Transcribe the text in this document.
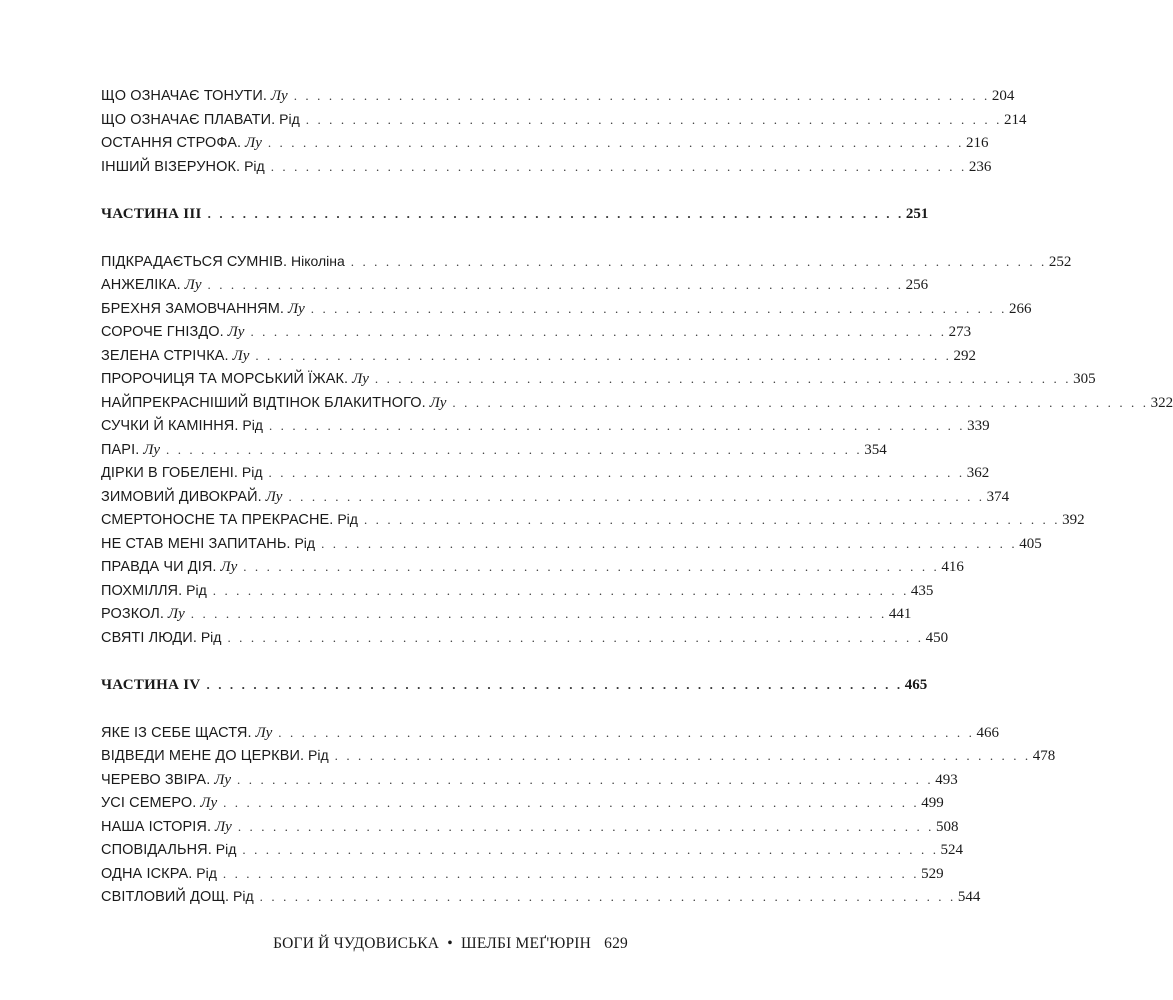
ЩО ОЗНАЧАЄ ТОНУТИ. Лу . . . . . . . . . . . . . . . . . . . . . . . . . . . . . . . . . . . . . . . . . . . . . . . . . . . . . . . . . . . . 204
ЩО ОЗНАЧАЄ ПЛАВАТИ. Рід . . . . . . . . . . . . . . . . . . . . . . . . . . . . . . . . . . . . . . . . . . . . . . . . . . . . . . . . . . . . 214
ОСТАННЯ СТРОФА. Лу . . . . . . . . . . . . . . . . . . . . . . . . . . . . . . . . . . . . . . . . . . . . . . . . . . . . . . . . . . . . 216
ІНШИЙ ВІЗЕРУНОК. Рід . . . . . . . . . . . . . . . . . . . . . . . . . . . . . . . . . . . . . . . . . . . . . . . . . . . . . . . . . . . . 236
ЧАСТИНА III . . . . . . . . . . . . . . . . . . . . . . . . . . . . . . . . . . . . . . . . . . . . . . . . . . . . . . . . . . . . 251
ПІДКРАДАЄТЬСЯ СУМНІВ. Ніколіна . . . . . . . . . . . . . . . . . . . . . . . . . . . . . . . . . . . . . . . . . . . . . . . . . . . . . . . . . . . . 252
АНЖЕЛІКА. Лу . . . . . . . . . . . . . . . . . . . . . . . . . . . . . . . . . . . . . . . . . . . . . . . . . . . . . . . . . . . . 256
БРЕХНЯ ЗАМОВЧАННЯМ. Лу . . . . . . . . . . . . . . . . . . . . . . . . . . . . . . . . . . . . . . . . . . . . . . . . . . . . . . . . . . . . 266
СОРОЧЕ ГНІЗДО. Лу . . . . . . . . . . . . . . . . . . . . . . . . . . . . . . . . . . . . . . . . . . . . . . . . . . . . . . . . . . . . 273
ЗЕЛЕНА СТРІЧКА. Лу . . . . . . . . . . . . . . . . . . . . . . . . . . . . . . . . . . . . . . . . . . . . . . . . . . . . . . . . . . . . 292
ПРОРОЧИЦЯ ТА МОРСЬКИЙ ЇЖАК. Лу . . . . . . . . . . . . . . . . . . . . . . . . . . . . . . . . . . . . . . . . . . . . . . . . . . . . . . . . . . . . 305
НАЙПРЕКРАСНІШИЙ ВІДТІНОК БЛАКИТНОГО. Лу . . . . . . . . . . . . . . . . . . . . . . . . . . . . . . . . . . . . . . . . . . . . . . . . . . . . . . . . . . . . 322
СУЧКИ Й КАМІННЯ. Рід . . . . . . . . . . . . . . . . . . . . . . . . . . . . . . . . . . . . . . . . . . . . . . . . . . . . . . . . . . . . 339
ПАРІ. Лу . . . . . . . . . . . . . . . . . . . . . . . . . . . . . . . . . . . . . . . . . . . . . . . . . . . . . . . . . . . . 354
ДІРКИ В ГОБЕЛЕНІ. Рід . . . . . . . . . . . . . . . . . . . . . . . . . . . . . . . . . . . . . . . . . . . . . . . . . . . . . . . . . . . . 362
ЗИМОВИЙ ДИВОКРАЙ. Лу . . . . . . . . . . . . . . . . . . . . . . . . . . . . . . . . . . . . . . . . . . . . . . . . . . . . . . . . . . . . 374
СМЕРТОНОСНЕ ТА ПРЕКРАСНЕ. Рід . . . . . . . . . . . . . . . . . . . . . . . . . . . . . . . . . . . . . . . . . . . . . . . . . . . . . . . . . . . . 392
НЕ СТАВ МЕНІ ЗАПИТАНЬ. Рід . . . . . . . . . . . . . . . . . . . . . . . . . . . . . . . . . . . . . . . . . . . . . . . . . . . . . . . . . . . . 405
ПРАВДА ЧИ ДІЯ. Лу . . . . . . . . . . . . . . . . . . . . . . . . . . . . . . . . . . . . . . . . . . . . . . . . . . . . . . . . . . . . 416
ПОХМІЛЛЯ. Рід . . . . . . . . . . . . . . . . . . . . . . . . . . . . . . . . . . . . . . . . . . . . . . . . . . . . . . . . . . . . 435
РОЗКОЛ. Лу . . . . . . . . . . . . . . . . . . . . . . . . . . . . . . . . . . . . . . . . . . . . . . . . . . . . . . . . . . . . 441
СВЯТІ ЛЮДИ. Рід . . . . . . . . . . . . . . . . . . . . . . . . . . . . . . . . . . . . . . . . . . . . . . . . . . . . . . . . . . . . 450
ЧАСТИНА IV . . . . . . . . . . . . . . . . . . . . . . . . . . . . . . . . . . . . . . . . . . . . . . . . . . . . . . . . . . . . 465
ЯКЕ ІЗ СЕБЕ ЩАСТЯ. Лу . . . . . . . . . . . . . . . . . . . . . . . . . . . . . . . . . . . . . . . . . . . . . . . . . . . . . . . . . . . . 466
ВІДВЕДИ МЕНЕ ДО ЦЕРКВИ. Рід . . . . . . . . . . . . . . . . . . . . . . . . . . . . . . . . . . . . . . . . . . . . . . . . . . . . . . . . . . . . 478
ЧЕРЕВО ЗВІРА. Лу . . . . . . . . . . . . . . . . . . . . . . . . . . . . . . . . . . . . . . . . . . . . . . . . . . . . . . . . . . . . 493
УСІ СЕМЕРО. Лу . . . . . . . . . . . . . . . . . . . . . . . . . . . . . . . . . . . . . . . . . . . . . . . . . . . . . . . . . . . . 499
НАША ІСТОРІЯ. Лу . . . . . . . . . . . . . . . . . . . . . . . . . . . . . . . . . . . . . . . . . . . . . . . . . . . . . . . . . . . . 508
СПОВІДАЛЬНЯ. Рід . . . . . . . . . . . . . . . . . . . . . . . . . . . . . . . . . . . . . . . . . . . . . . . . . . . . . . . . . . . . 524
ОДНА ІСКРА. Рід . . . . . . . . . . . . . . . . . . . . . . . . . . . . . . . . . . . . . . . . . . . . . . . . . . . . . . . . . . . . 529
СВІТЛОВИЙ ДОЩ. Рід . . . . . . . . . . . . . . . . . . . . . . . . . . . . . . . . . . . . . . . . . . . . . . . . . . . . . . . . . . . . 544
БОГИ Й ЧУДОВИСЬКА • ШЕЛБІ МЕҐ'ЮРІН 629
